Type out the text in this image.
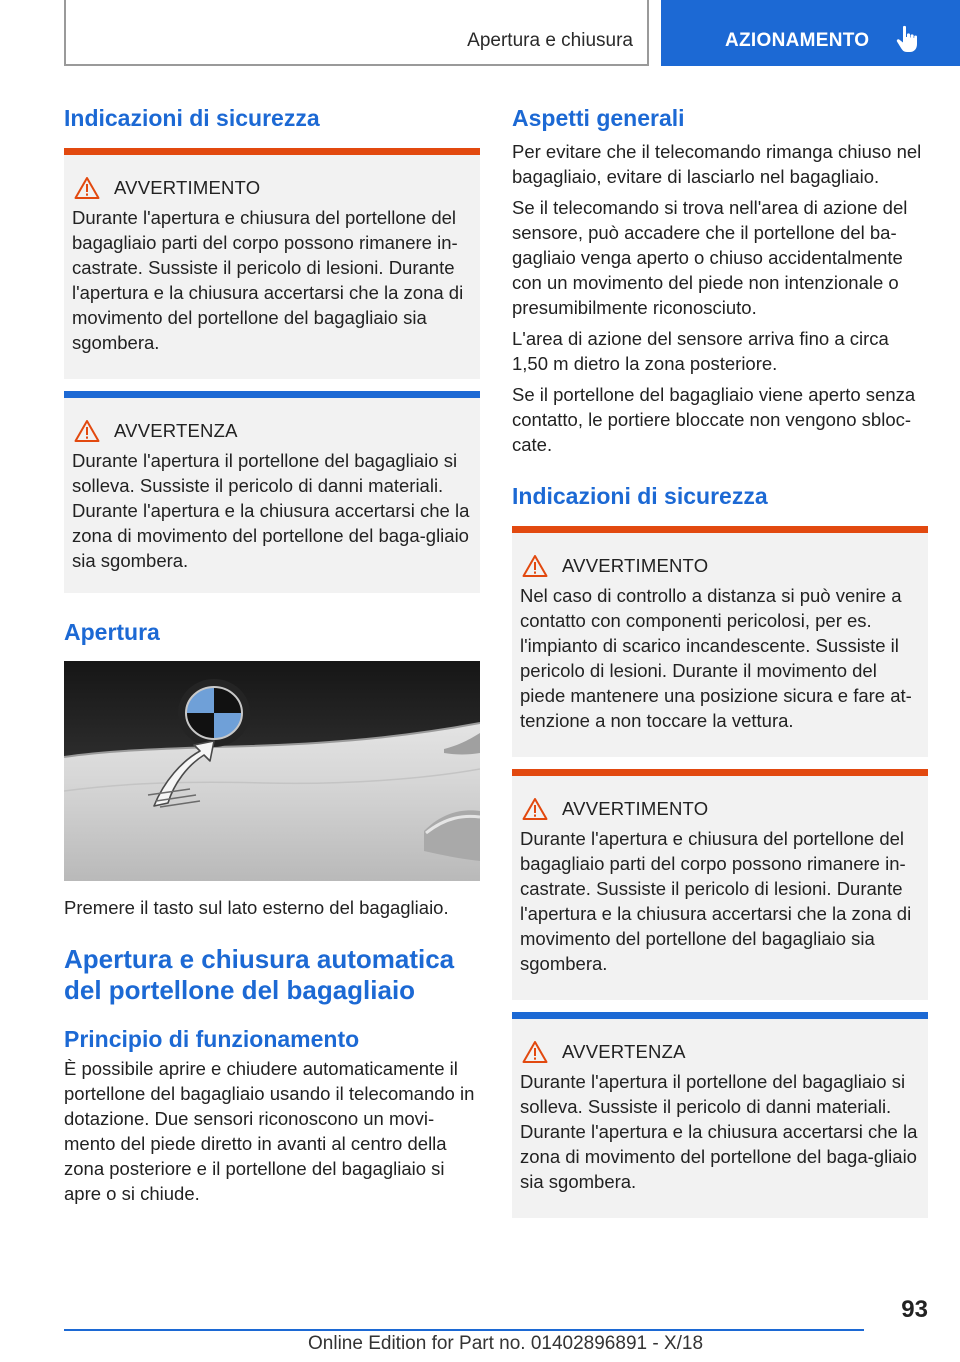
Apertura e chiusura	AZIONAMENTO
Indicazioni di sicurezza
AVVERTIMENTO
Durante l'apertura e chiusura del portellone del bagagliaio parti del corpo possono rimanere in-castrate. Sussiste il pericolo di lesioni. Durante l'apertura e la chiusura accertarsi che la zona di movimento del portellone del bagagliaio sia sgombera.
AVVERTENZA
Durante l'apertura il portellone del bagagliaio si solleva. Sussiste il pericolo di danni materiali. Durante l'apertura e la chiusura accertarsi che la zona di movimento del portellone del baga-gliaio sia sgombera.
Apertura
Premere il tasto sul lato esterno del bagagliaio.
Apertura e chiusura automatica del portellone del bagagliaio
Principio di funzionamento
È possibile aprire e chiudere automaticamente il portellone del bagagliaio usando il telecomando in dotazione. Due sensori riconoscono un movi-mento del piede diretto in avanti al centro della zona posteriore e il portellone del bagagliaio si apre o si chiude.
Aspetti generali
Per evitare che il telecomando rimanga chiuso nel bagagliaio, evitare di lasciarlo nel bagagliaio.
Se il telecomando si trova nell'area di azione del sensore, può accadere che il portellone del ba-gagliaio venga aperto o chiuso accidentalmente con un movimento del piede non intenzionale o presumibilmente riconosciuto.
L'area di azione del sensore arriva fino a circa 1,50 m dietro la zona posteriore.
Se il portellone del bagagliaio viene aperto senza contatto, le portiere bloccate non vengono sbloc-cate.
Indicazioni di sicurezza
AVVERTIMENTO
Nel caso di controllo a distanza si può venire a contatto con componenti pericolosi, per es. l'impianto di scarico incandescente. Sussiste il pericolo di lesioni. Durante il movimento del piede mantenere una posizione sicura e fare at-tenzione a non toccare la vettura.
AVVERTIMENTO
Durante l'apertura e chiusura del portellone del bagagliaio parti del corpo possono rimanere in-castrate. Sussiste il pericolo di lesioni. Durante l'apertura e la chiusura accertarsi che la zona di movimento del portellone del bagagliaio sia sgombera.
AVVERTENZA
Durante l'apertura il portellone del bagagliaio si solleva. Sussiste il pericolo di danni materiali. Durante l'apertura e la chiusura accertarsi che la zona di movimento del portellone del baga-gliaio sia sgombera.
93
Online Edition for Part no. 01402896891 - X/18
